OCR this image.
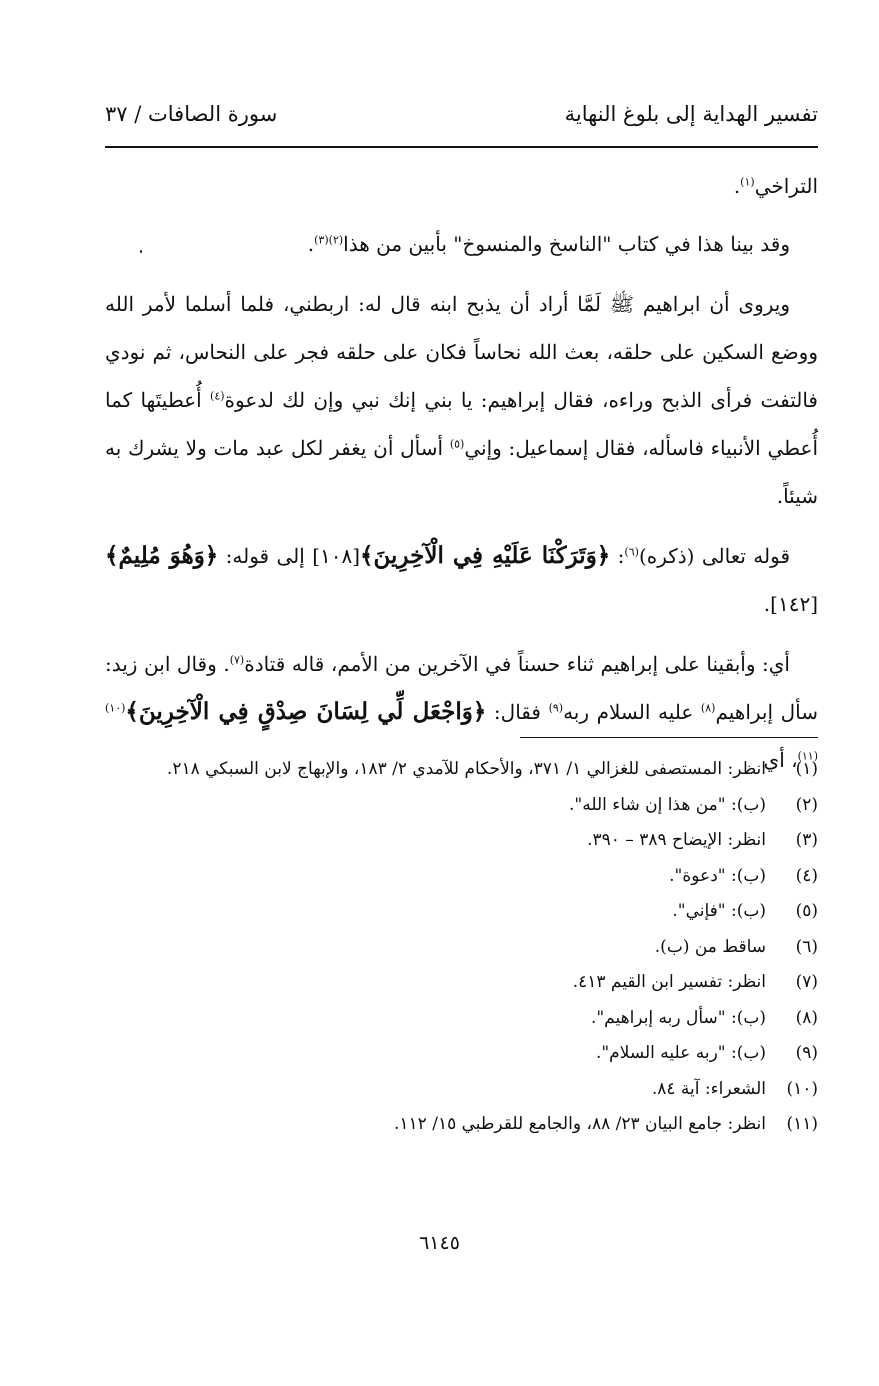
تفسير الهداية إلى بلوغ النهاية
سورة الصافات / ٣٧

التراخي$^{(١)}$.

وقد بينا هذا في كتاب "الناسخ والمنسوخ" بأبين من هذا$^{(٢)(٣)}$.

ويروى أن ابراهيم ﷺ لَمَّا أراد أن يذبح ابنه قال له: اربطني، فلما أسلما لأمر الله ووضع السكين على حلقه، بعث الله نحاساً فكان على حلقه فجر على النحاس، ثم نودي فالتفت فرأى الذبح وراءه، فقال إبراهيم: يا بني إنك نبي وإن لك لدعوة$^{(٤)}$ أُعطيتَها كما أُعطي الأنبياء فاسأله، فقال إسماعيل: وإني$^{(٥)}$ أسأل أن يغفر لكل عبد مات ولا يشرك به شيئاً.

قوله تعالى (ذكره)$^{(٦)}$: ﴿وَتَرَكْنَا عَلَيْهِ فِي الْآخِرِينَ﴾[١٠٨] إلى قوله: ﴿وَهُوَ مُلِيمٌ﴾[١٤٢].

أي: وأبقينا على إبراهيم ثناء حسناً في الآخرين من الأمم، قاله قتادة$^{(٧)}$. وقال ابن زيد: سأل إبراهيم$^{(٨)}$ عليه السلام ربه$^{(٩)}$ فقال: ﴿وَاجْعَل لِّي لِسَانَ صِدْقٍ فِي الْآخِرِينَ﴾$^{(١٠)(١١)}$، أي

(١)
انظر: المستصفى للغزالي ١/ ٣٧١، والأحكام للآمدي ٢/ ١٨٣، والإبهاج لابن السبكي ٢١٨.
(٢)
(ب): "من هذا إن شاء الله".
(٣)
انظر: الإيضاح ٣٨٩ – ٣٩٠.
(٤)
(ب): "دعوة".
(٥)
(ب): "فإني".
(٦)
ساقط من (ب).
(٧)
انظر: تفسير ابن القيم ٤١٣.
(٨)
(ب): "سأل ربه إبراهيم".
(٩)
(ب): "ربه عليه السلام".
(١٠)
الشعراء: آية ٨٤.
(١١)
انظر: جامع البيان ٢٣/ ٨٨، والجامع للقرطبي ١٥/ ١١٢.
٦١٤٥
